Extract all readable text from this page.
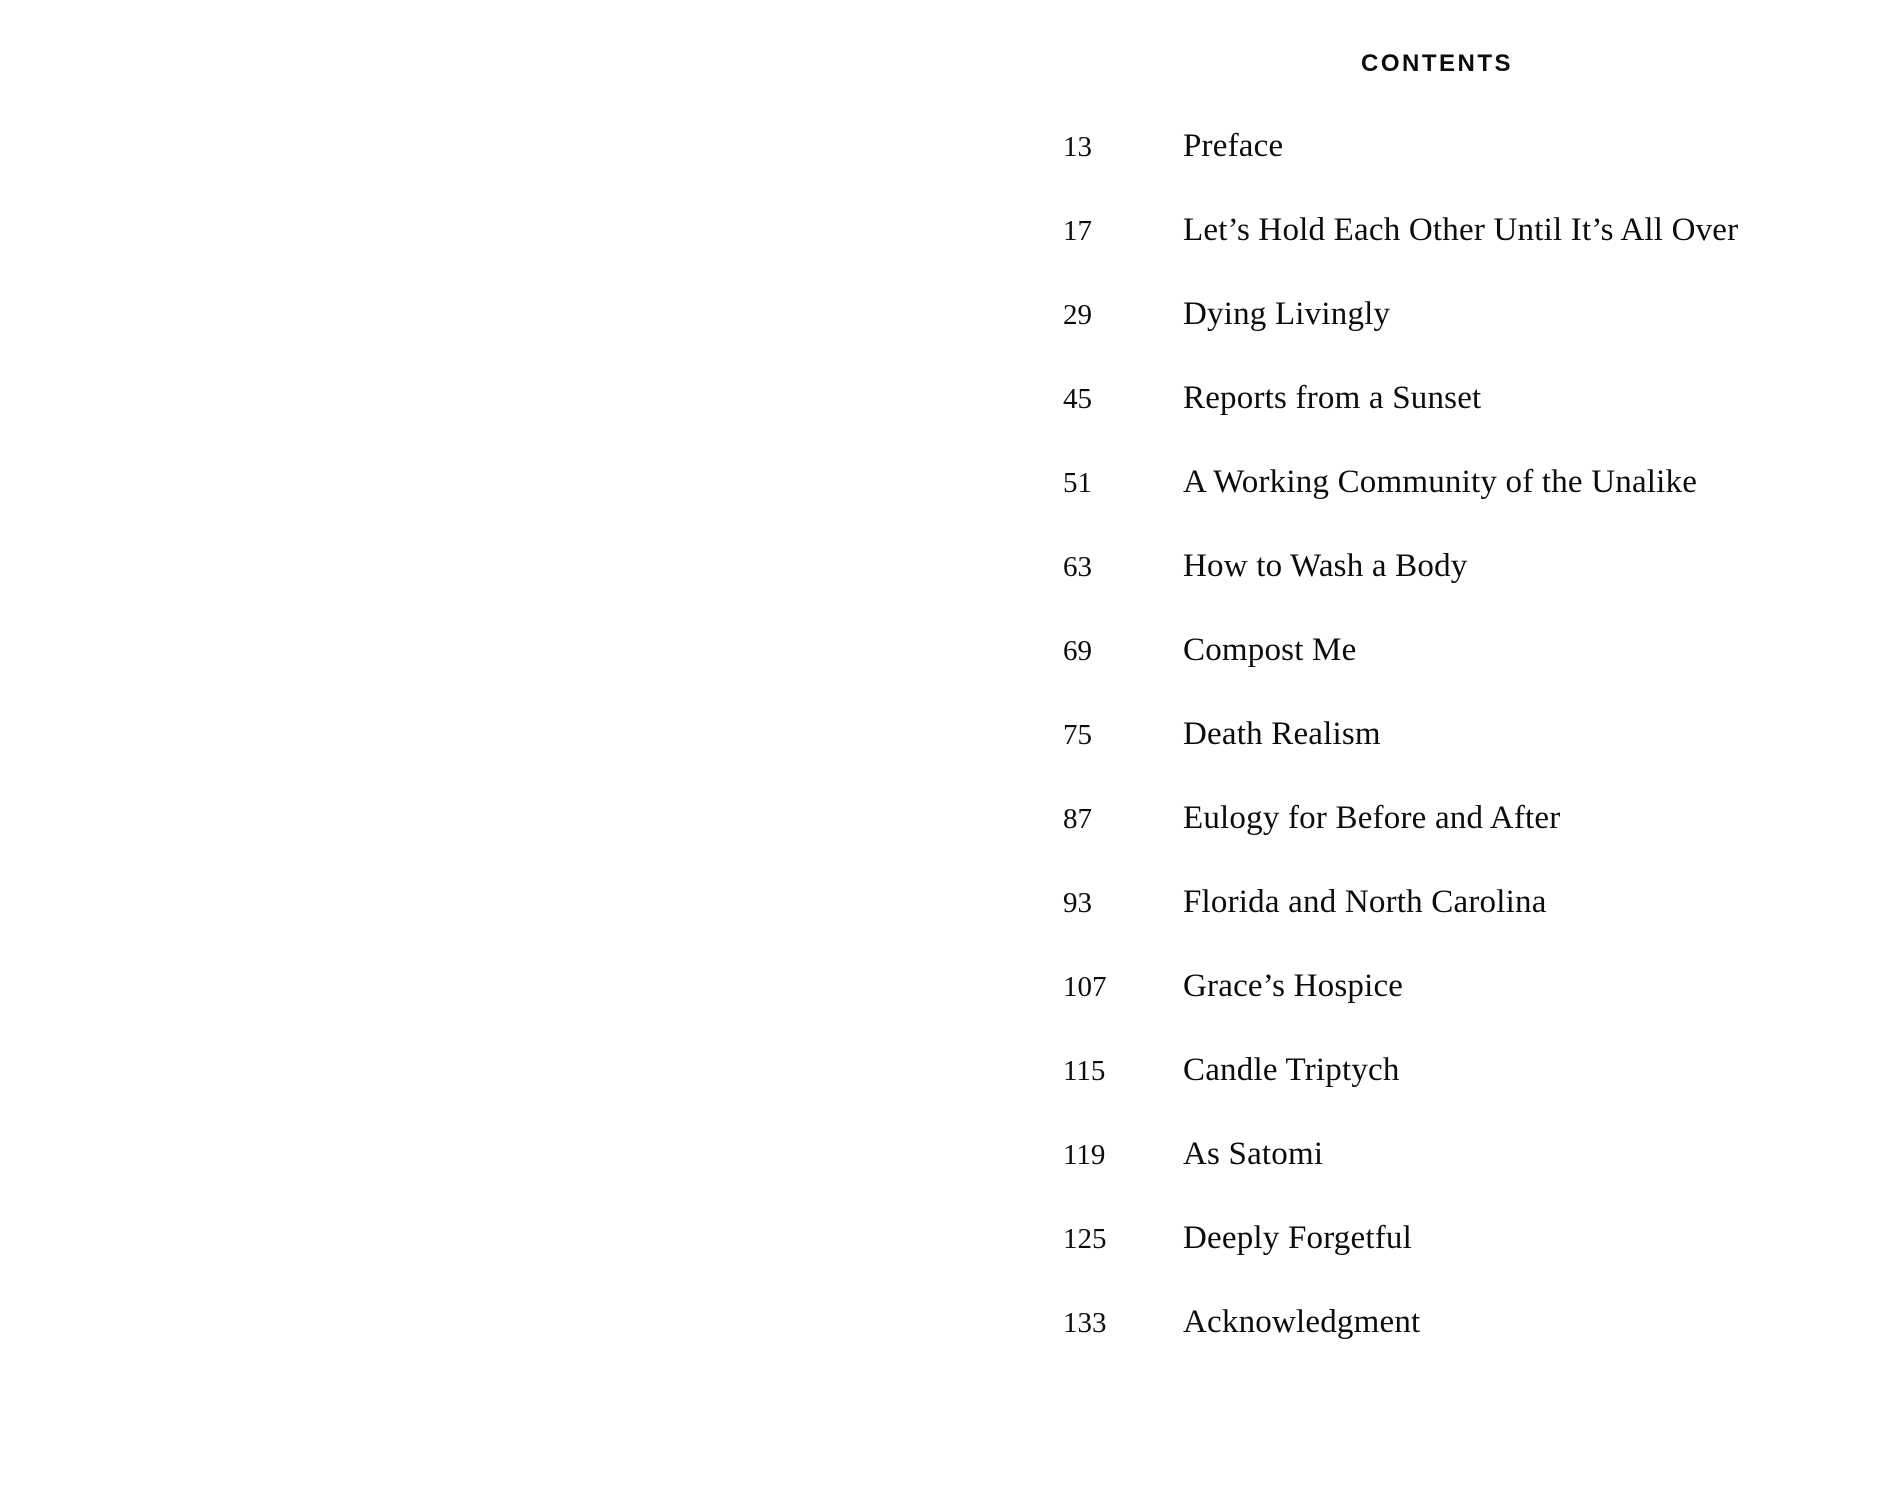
CONTENTS
13	Preface
17	Let’s Hold Each Other Until It’s All Over
29	Dying Livingly
45	Reports from a Sunset
51	A Working Community of the Unalike
63	How to Wash a Body
69	Compost Me
75	Death Realism
87	Eulogy for Before and After
93	Florida and North Carolina
107	Grace’s Hospice
115	Candle Triptych
119	As Satomi
125	Deeply Forgetful
133	Acknowledgment
